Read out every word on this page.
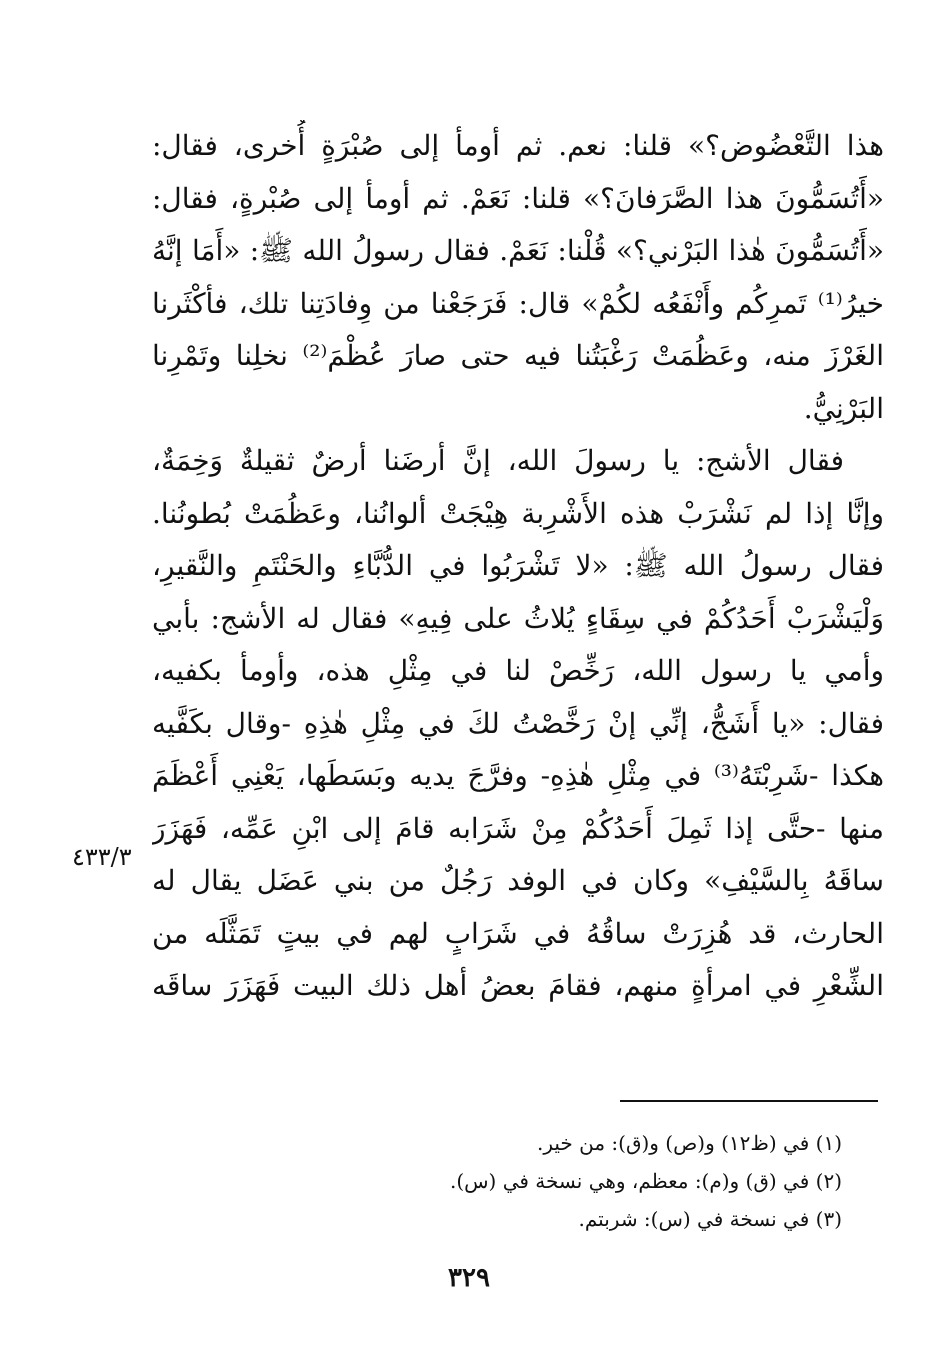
هذا التَّعْضُوض؟» قلنا: نعم. ثم أومأ إلى صُبْرَةٍ أُخرى، فقال:
«أَتُسَمُّونَ هذا الصَّرَفانَ؟» قلنا: نَعَمْ. ثم أومأ إلى صُبْرةٍ، فقال:
«أَتُسَمُّونَ هٰذا البَرْني؟» قُلْنا: نَعَمْ. فقال رسولُ الله ﷺ: «أَمَا إنَّهُ
خيرُ⁽¹⁾ تَمرِكُم وأَنْفَعُه لكُمْ» قال: فَرَجَعْنا من وِفادَتِنا تلك، فأكْثَرنا
الغَرْزَ منه، وعَظُمَتْ رَغْبَتُنا فيه حتى صارَ عُظْمَ⁽²⁾ نخلِنا وتَمْرِنا
البَرْنِيُّ.
فقال الأشج: يا رسولَ الله، إنَّ أرضَنا أرضٌ ثقيلةٌ وَخِمَةٌ،
وإنَّا إذا لم نَشْرَبْ هذه الأَشْرِبة هِيْجَتْ ألوانُنا، وعَظُمَتْ بُطونُنا.
فقال رسولُ الله ﷺ: «لا تَشْرَبُوا في الدُّبَّاءِ والحَنْتَمِ والنَّقيرِ،
وَلْيَشْرَبْ أَحَدُكُمْ في سِقَاءٍ يُلاثُ على فِيهِ» فقال له الأشج: بأبي
وأمي يا رسول الله، رَخِّصْ لنا في مِثْلِ هذه، وأومأ بكفيه،
فقال: «يا أَشَجُّ، إنِّي إنْ رَخَّصْتُ لكَ في مِثْلِ هٰذِهِ -وقال بكَفَّيه
هكذا -شَرِبْتَهُ⁽³⁾ في مِثْلِ هٰذِهِ- وفرَّجَ يديه وبَسَطَها، يَعْنِي أَعْظَمَ
منها -حتَّى إذا ثَمِلَ أَحَدُكُمْ مِنْ شَرَابه قامَ إلى ابْنِ عَمِّه، فَهَزَرَ
ساقَهُ بِالسَّيْفِ» وكان في الوفد رَجُلٌ من بني عَضَل يقال له
الحارث، قد هُزِرَتْ ساقُهُ في شَرَابٍ لهم في بيتٍ تَمَثَّلَه من
الشِّعْرِ في امرأةٍ منهم، فقامَ بعضُ أهل ذلك البيت فَهَزَرَ ساقَه
٤٣٣/٣
(١) في (ظ١٢) و(ص) و(ق): من خير.
(٢) في (ق) و(م): معظم، وهي نسخة في (س).
(٣) في نسخة في (س): شربتم.
٣٢٩
